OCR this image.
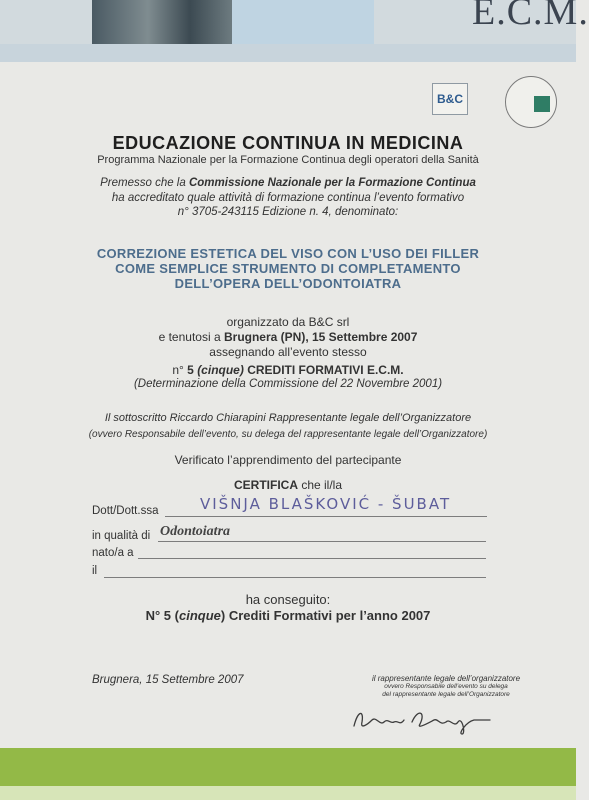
E.C.M.
B&C
EDUCAZIONE CONTINUA IN MEDICINA
Programma Nazionale per la Formazione Continua degli operatori della Sanità
Premesso che la Commissione Nazionale per la Formazione Continua
ha accreditato quale attività di formazione continua l’evento formativo
n° 3705-243115 Edizione n. 4, denominato:
CORREZIONE ESTETICA DEL VISO CON L’USO DEI FILLER
COME SEMPLICE STRUMENTO DI COMPLETAMENTO
DELL’OPERA DELL’ODONTOIATRA
organizzato da B&C srl
e tenutosi a Brugnera (PN), 15 Settembre 2007
assegnando all’evento stesso
n° 5 (cinque) CREDITI FORMATIVI E.C.M.
(Determinazione della Commissione del 22 Novembre 2001)
Il sottoscritto Riccardo Chiarapini Rappresentante legale dell’Organizzatore
(ovvero Responsabile dell’evento, su delega del rappresentante legale dell’Organizzatore)
Verificato l’apprendimento del partecipante
CERTIFICA che il/la
Dott/Dott.ssa	VIŠNJA BLAŠKOVIĆ - ŠUBAT
in qualità di Odontoiatra
nato/a a
il
ha conseguito:
N° 5 (cinque) Crediti Formativi per l’anno 2007
Brugnera, 15 Settembre 2007	il rappresentante legale dell’organizzatore
ovvero Responsabile dell’evento su delega
del rappresentante legale dell’Organizzatore
